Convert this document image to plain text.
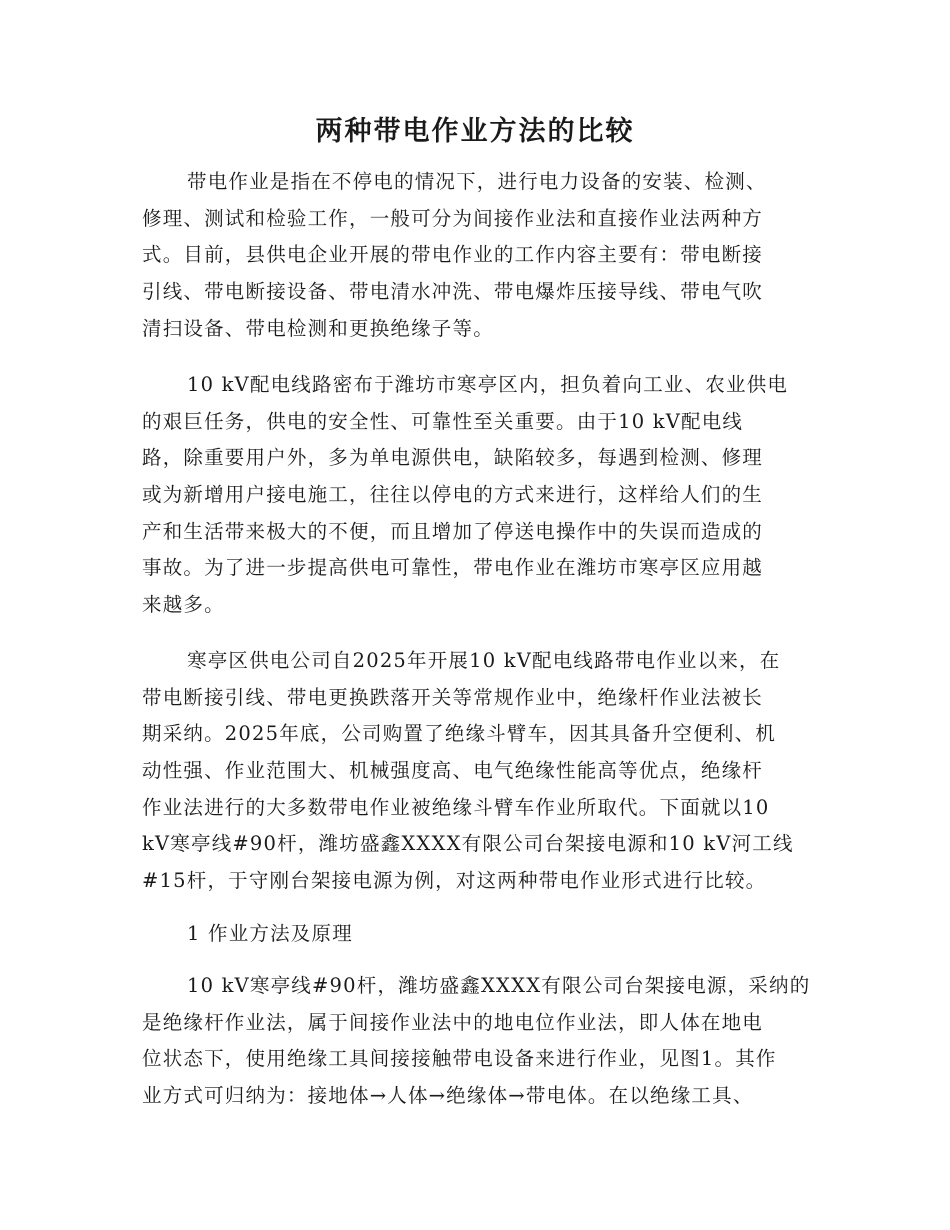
两种带电作业方法的比较
带电作业是指在不停电的情况下，进行电力设备的安装、检测、
修理、测试和检验工作，一般可分为间接作业法和直接作业法两种方
式。目前，县供电企业开展的带电作业的工作内容主要有：带电断接
引线、带电断接设备、带电清水冲洗、带电爆炸压接导线、带电气吹
清扫设备、带电检测和更换绝缘子等。
10 kV配电线路密布于潍坊市寒亭区内，担负着向工业、农业供电
的艰巨任务，供电的安全性、可靠性至关重要。由于10 kV配电线
路，除重要用户外，多为单电源供电，缺陷较多，每遇到检测、修理
或为新增用户接电施工，往往以停电的方式来进行，这样给人们的生
产和生活带来极大的不便，而且增加了停送电操作中的失误而造成的
事故。为了进一步提高供电可靠性，带电作业在潍坊市寒亭区应用越
来越多。
寒亭区供电公司自2025年开展10 kV配电线路带电作业以来，在
带电断接引线、带电更换跌落开关等常规作业中，绝缘杆作业法被长
期采纳。2025年底，公司购置了绝缘斗臂车，因其具备升空便利、机
动性强、作业范围大、机械强度高、电气绝缘性能高等优点，绝缘杆
作业法进行的大多数带电作业被绝缘斗臂车作业所取代。下面就以10
kV寒亭线#90杆，潍坊盛鑫XXXX有限公司台架接电源和10 kV河工线
#15杆，于守刚台架接电源为例，对这两种带电作业形式进行比较。
1 作业方法及原理
10 kV寒亭线#90杆，潍坊盛鑫XXXX有限公司台架接电源，采纳的
是绝缘杆作业法，属于间接作业法中的地电位作业法，即人体在地电
位状态下，使用绝缘工具间接接触带电设备来进行作业，见图1。其作
业方式可归纳为：接地体→人体→绝缘体→带电体。在以绝缘工具、
